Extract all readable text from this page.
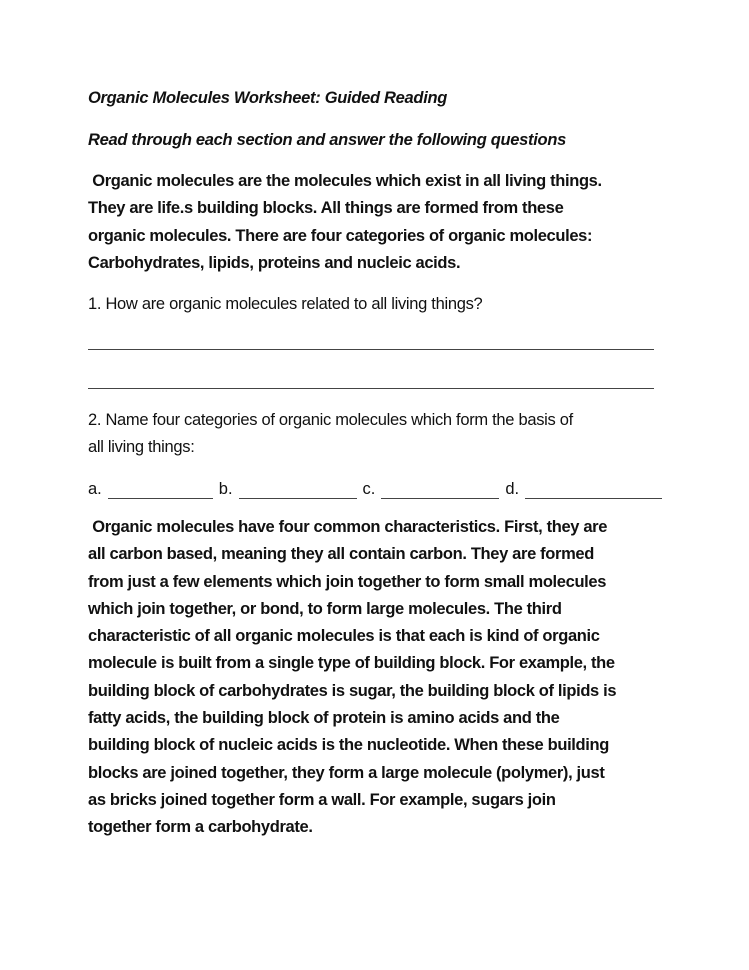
Organic Molecules Worksheet: Guided Reading
Read through each section and answer the following questions
Organic molecules are the molecules which exist in all living things.
They are life.s building blocks. All things are formed from these
organic molecules. There are four categories of organic molecules:
Carbohydrates, lipids, proteins and nucleic acids.
1. How are organic molecules related to all living things?
2. Name four categories of organic molecules which form the basis of
all living things:
a.	b.	c.	d.
Organic molecules have four common characteristics. First, they are
all carbon based, meaning they all contain carbon. They are formed
from just a few elements which join together to form small molecules
which join together, or bond, to form large molecules. The third
characteristic of all organic molecules is that each is kind of organic
molecule is built from a single type of building block. For example, the
building block of carbohydrates is sugar, the building block of lipids is
fatty acids, the building block of protein is amino acids and the
building block of nucleic acids is the nucleotide. When these building
blocks are joined together, they form a large molecule (polymer), just
as bricks joined together form a wall. For example, sugars join
together form a carbohydrate.
